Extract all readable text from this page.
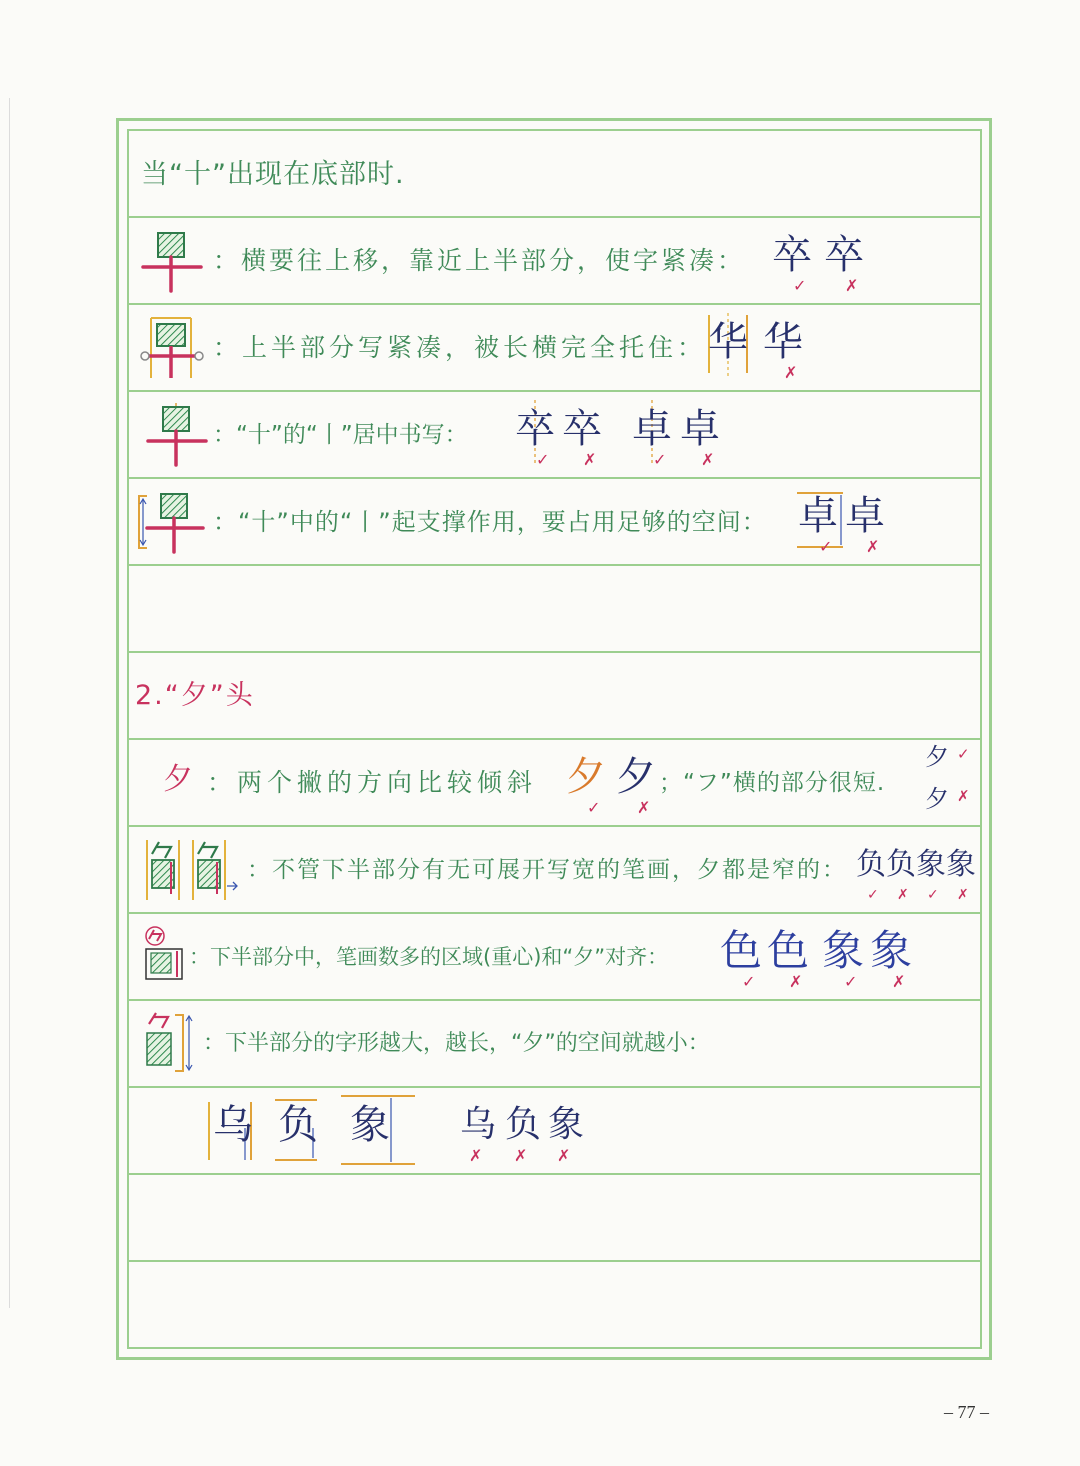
当“十”出现在底部时.
：横要往上移，靠近上半部分，使字紧凑： 卒
✓
卒
✗
：上半部分写紧凑，被长横完全托住： 华 华
✗
：“十”的“丨”居中书写： 卒
✓
卒
✗
卓
✓
卓
✗
：“十”中的“丨”起支撑作用，要占用足够的空间： 卓
✓
卓
✗
2.“夕”头
夕 ：两个撇的方向比较倾斜 夕
✓
夕
✗
；“フ”横的部分很短.
夕 ✓
夕 ✗
：不管下半部分有无可展开写宽的笔画，夕都是窄的： 负
✓
负
✗
象
✓
象
✗
：下半部分中，笔画数多的区域(重心)和“夕”对齐： 色
✓
色
✗
象
✓
象
✗
：下半部分的字形越大，越长，“夕”的空间就越小：
乌 负 象 乌
✗
负
✗
象
✗
– 77 –
